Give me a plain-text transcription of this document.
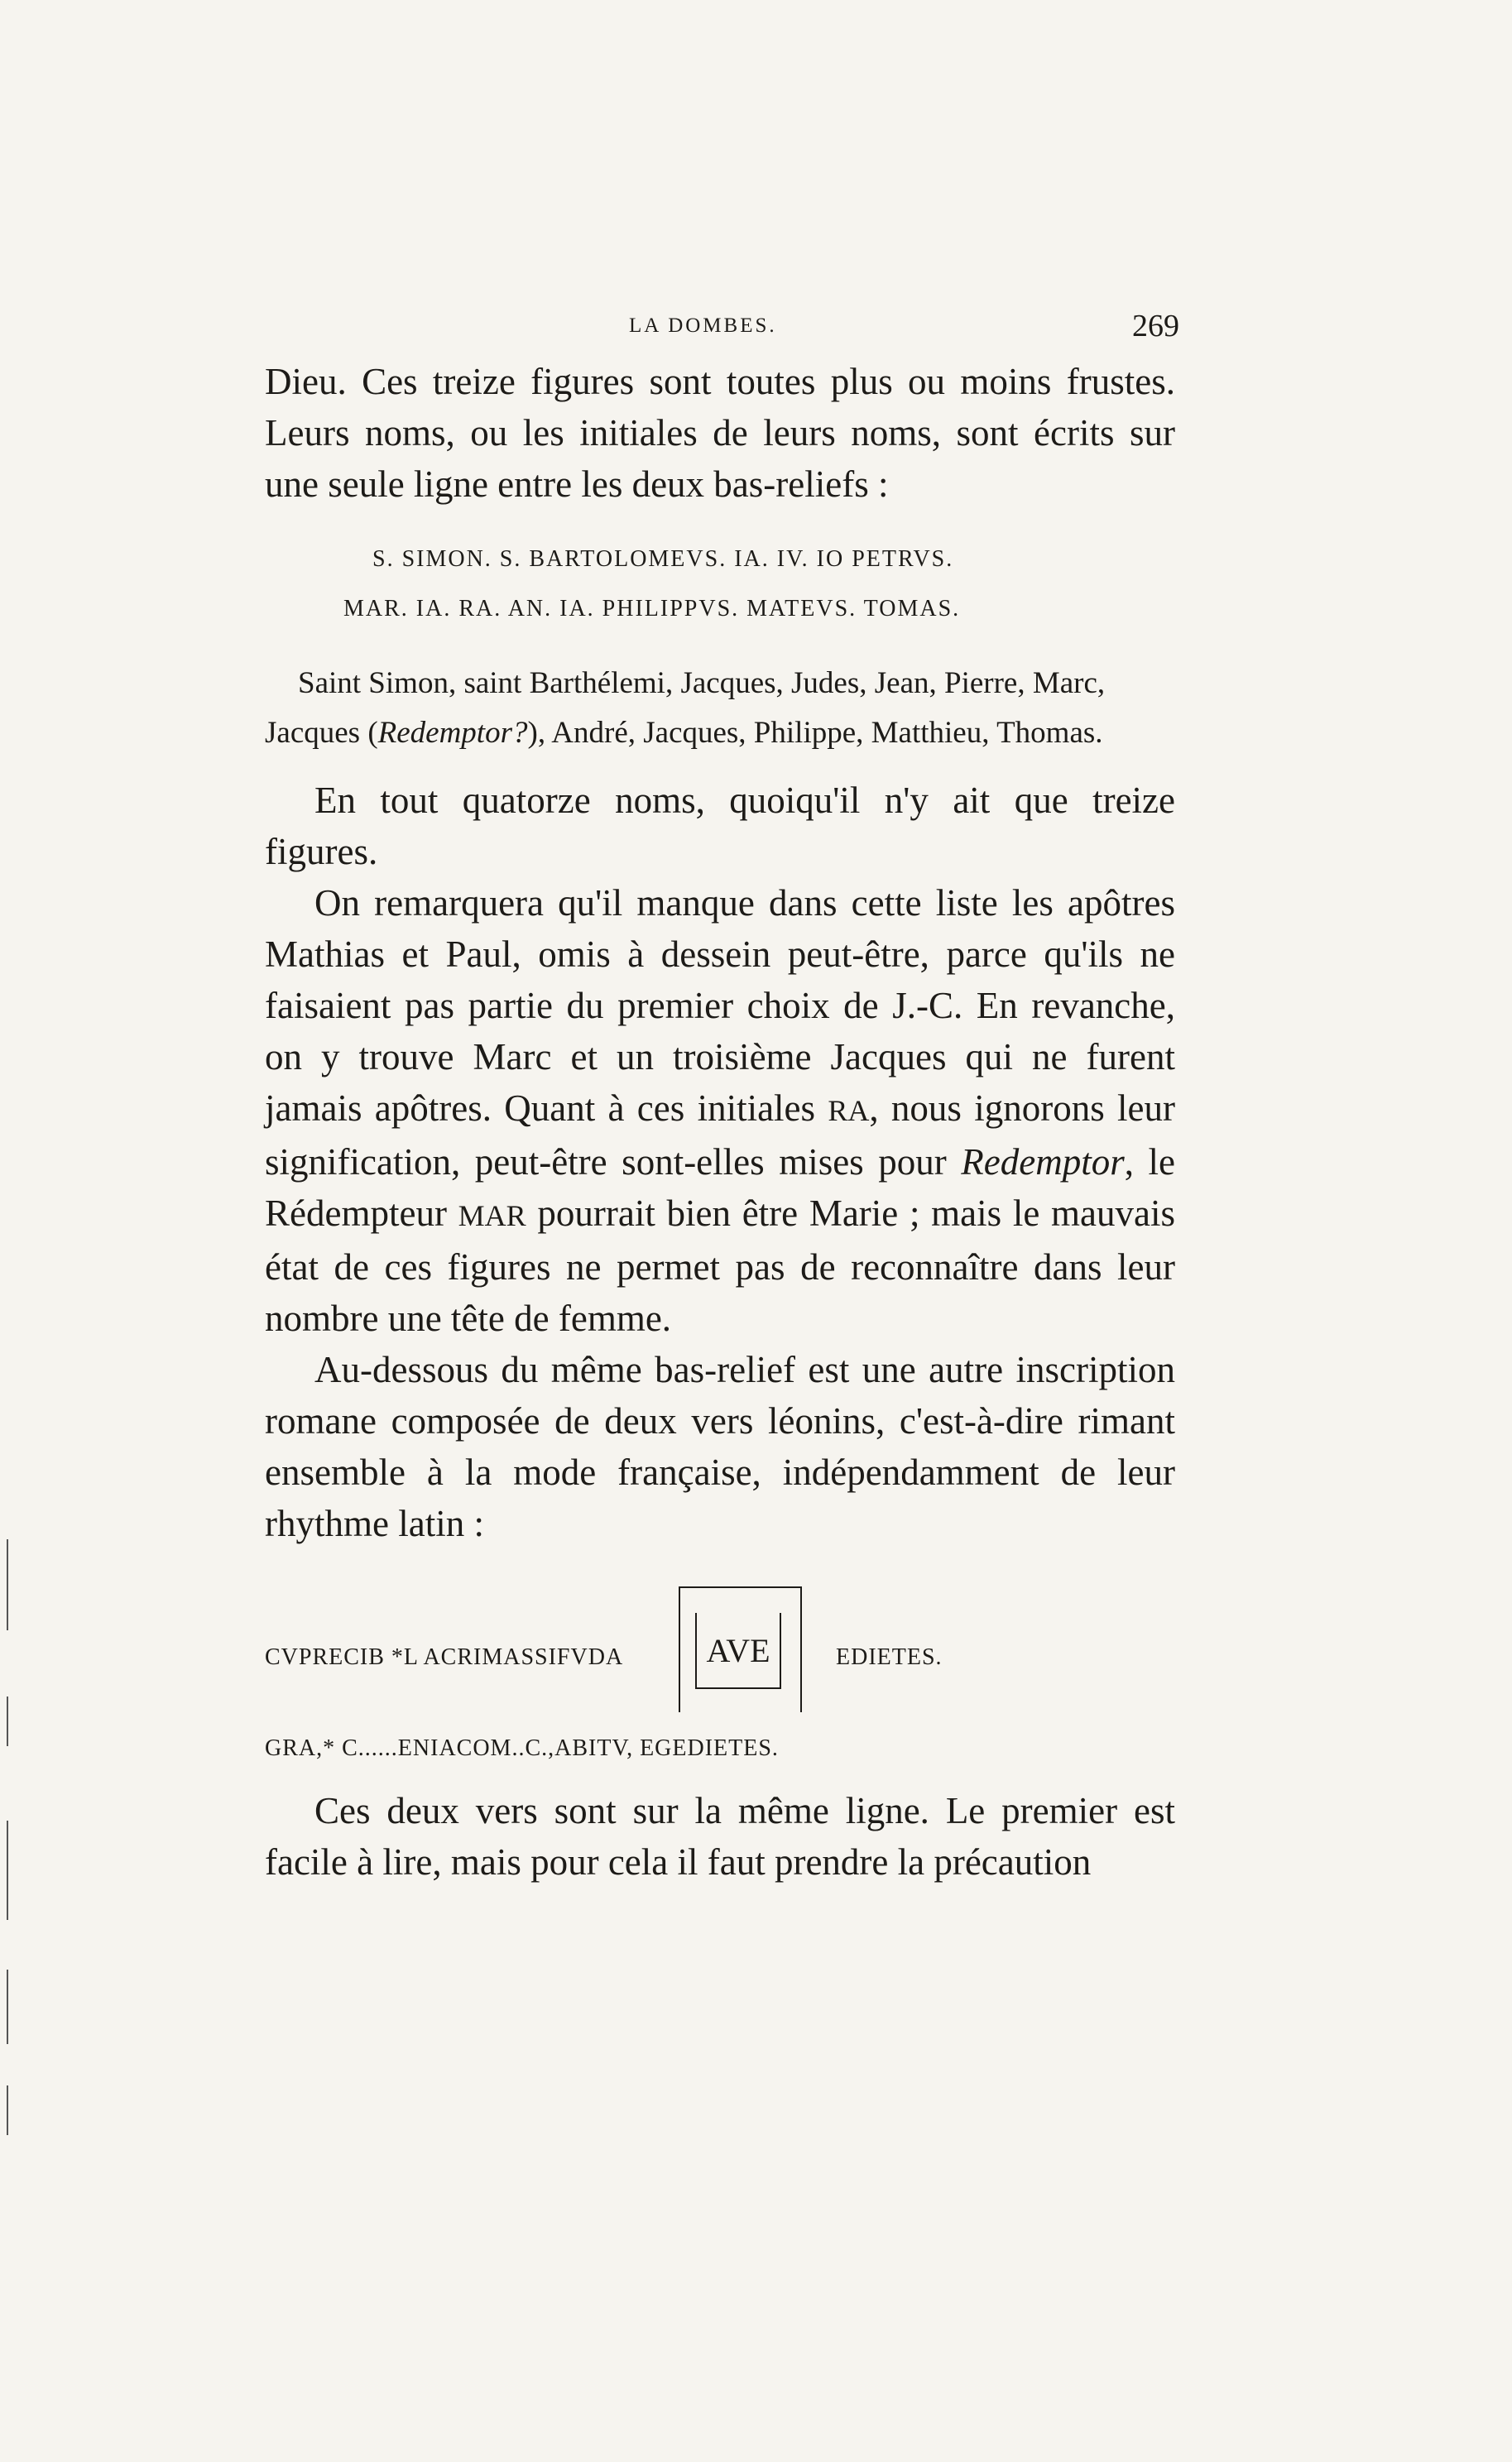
LA DOMBES.	269

Dieu. Ces treize figures sont toutes plus ou moins frustes. Leurs noms, ou les initiales de leurs noms, sont écrits sur une seule ligne entre les deux bas-reliefs :

S. SIMON. S. BARTOLOMEVS. IA. IV. IO PETRVS.

MAR. IA. RA. AN. IA. PHILIPPVS. MATEVS. TOMAS.

Saint Simon, saint Barthélemi, Jacques, Judes, Jean, Pierre, Marc, Jacques (Redemptor?), André, Jacques, Philippe, Matthieu, Thomas.

En tout quatorze noms, quoiqu'il n'y ait que treize figures.

On remarquera qu'il manque dans cette liste les apôtres Mathias et Paul, omis à dessein peut-être, parce qu'ils ne faisaient pas partie du premier choix de J.-C. En revanche, on y trouve Marc et un troisième Jacques qui ne furent jamais apôtres. Quant à ces initiales RA, nous ignorons leur signification, peut-être sont-elles mises pour Redemptor, le Rédempteur MAR pourrait bien être Marie ; mais le mauvais état de ces figures ne permet pas de reconnaître dans leur nombre une tête de femme.

Au-dessous du même bas-relief est une autre inscription romane composée de deux vers léonins, c'est-à-dire rimant ensemble à la mode française, indépendamment de leur rhythme latin :

CVPRECIB *L ACRIMASSIFVDA	AVE	EDIETES.
GRA,* C......ENIACOM..C.,ABITV, EGEDIETES.

Ces deux vers sont sur la même ligne. Le premier est facile à lire, mais pour cela il faut prendre la précaution
